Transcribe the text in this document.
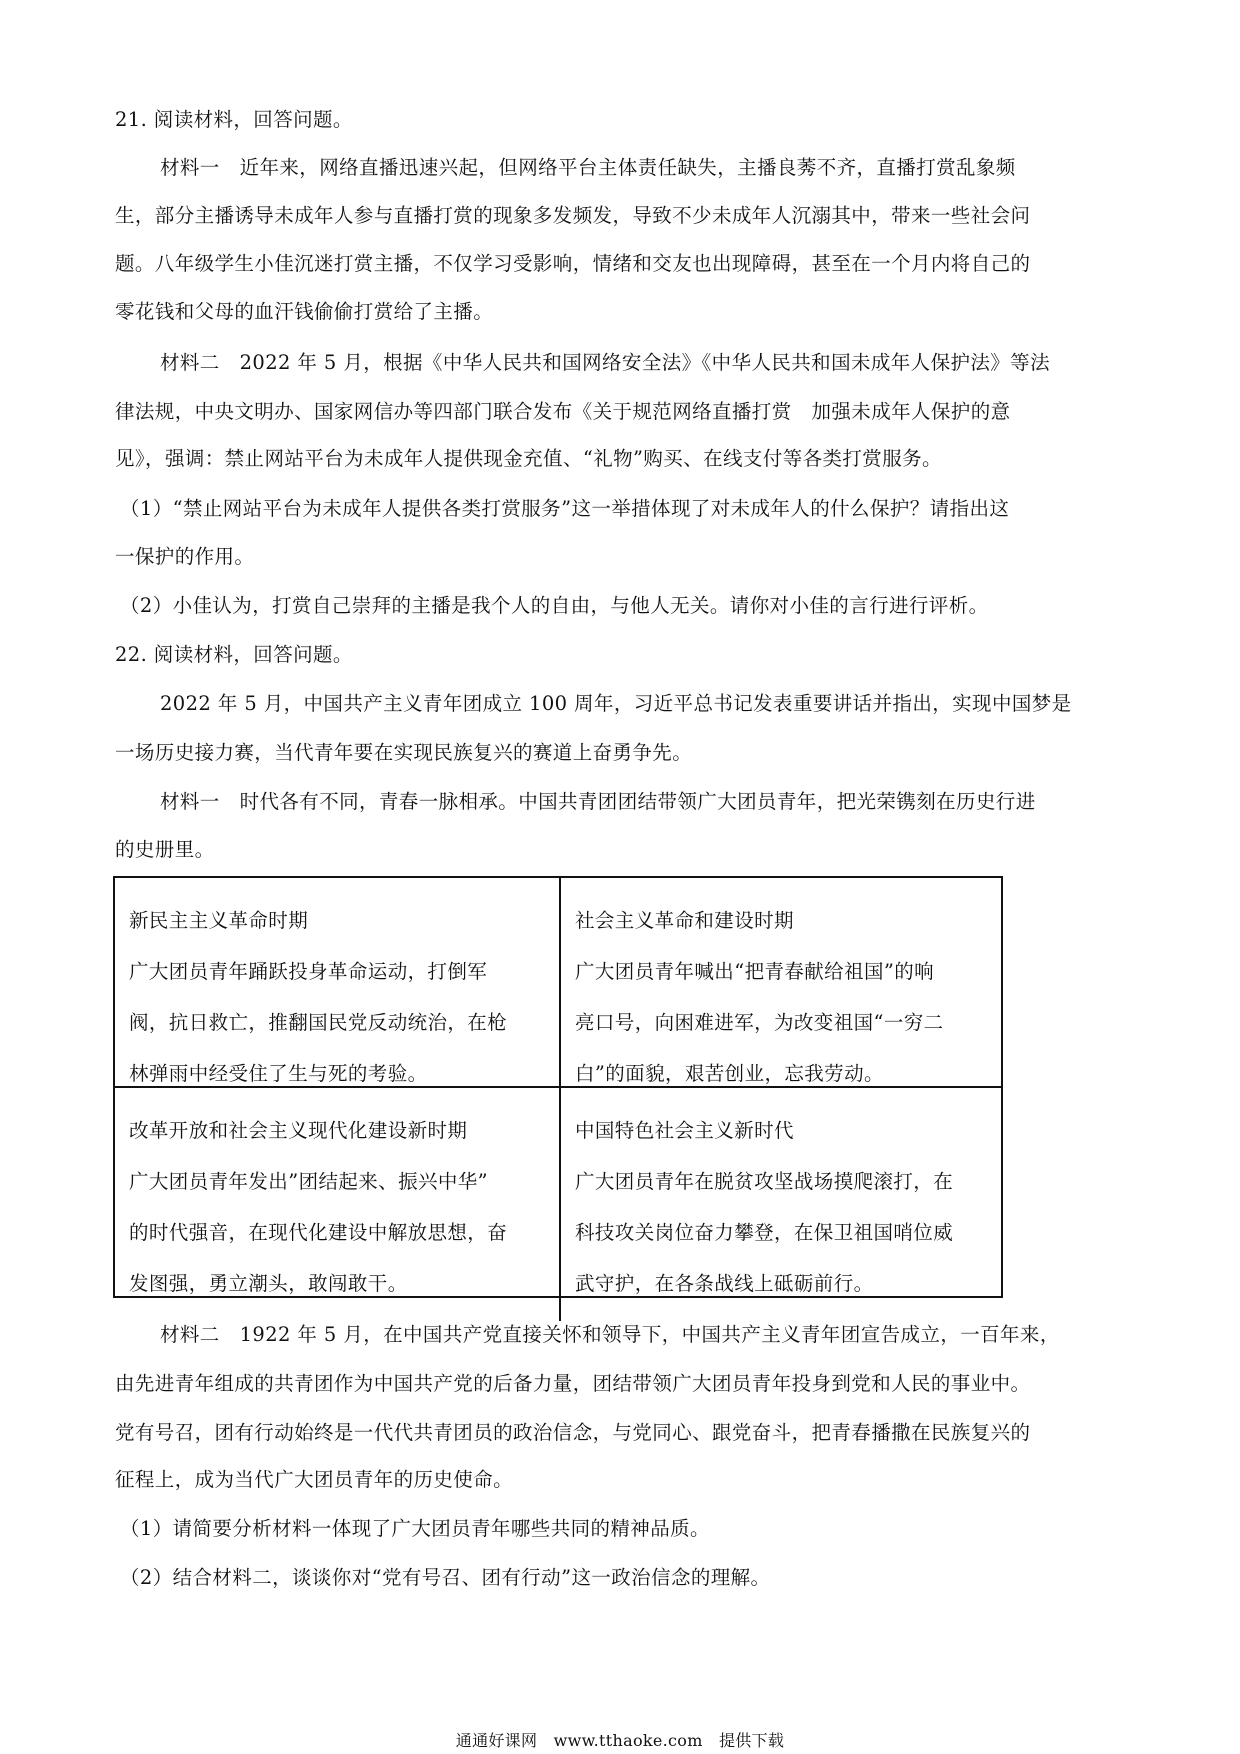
21. 阅读材料，回答问题。
材料一　近年来，网络直播迅速兴起，但网络平台主体责任缺失，主播良莠不齐，直播打赏乱象频
生，部分主播诱导未成年人参与直播打赏的现象多发频发，导致不少未成年人沉溺其中，带来一些社会问
题。八年级学生小佳沉迷打赏主播，不仅学习受影响，情绪和交友也出现障碍，甚至在一个月内将自己的
零花钱和父母的血汗钱偷偷打赏给了主播。
材料二　2022 年 5 月，根据《中华人民共和国网络安全法》《中华人民共和国未成年人保护法》等法
律法规，中央文明办、国家网信办等四部门联合发布《关于规范网络直播打赏　加强未成年人保护的意
见》，强调：禁止网站平台为未成年人提供现金充值、“礼物”购买、在线支付等各类打赏服务。
（1）“禁止网站平台为未成年人提供各类打赏服务”这一举措体现了对未成年人的什么保护？请指出这
一保护的作用。
（2）小佳认为，打赏自己崇拜的主播是我个人的自由，与他人无关。请你对小佳的言行进行评析。
22. 阅读材料，回答问题。
2022 年 5 月，中国共产主义青年团成立 100 周年，习近平总书记发表重要讲话并指出，实现中国梦是
一场历史接力赛，当代青年要在实现民族复兴的赛道上奋勇争先。
材料一　时代各有不同，青春一脉相承。中国共青团团结带领广大团员青年，把光荣镌刻在历史行进
的史册里。
新民主主义革命时期
广大团员青年踊跃投身革命运动，打倒军
阀，抗日救亡，推翻国民党反动统治，在枪
林弹雨中经受住了生与死的考验。
社会主义革命和建设时期
广大团员青年喊出“把青春献给祖国”的响
亮口号，向困难进军，为改变祖国“一穷二
白”的面貌，艰苦创业，忘我劳动。
改革开放和社会主义现代化建设新时期
广大团员青年发出”团结起来、振兴中华”
的时代强音，在现代化建设中解放思想，奋
发图强，勇立潮头，敢闯敢干。
中国特色社会主义新时代
广大团员青年在脱贫攻坚战场摸爬滚打，在
科技攻关岗位奋力攀登，在保卫祖国哨位威
武守护，在各条战线上砥砺前行。
材料二　1922 年 5 月，在中国共产党直接关怀和领导下，中国共产主义青年团宣告成立，一百年来，
由先进青年组成的共青团作为中国共产党的后备力量，团结带领广大团员青年投身到党和人民的事业中。
党有号召，团有行动始终是一代代共青团员的政治信念，与党同心、跟党奋斗，把青春播撒在民族复兴的
征程上，成为当代广大团员青年的历史使命。
（1）请简要分析材料一体现了广大团员青年哪些共同的精神品质。
（2）结合材料二，谈谈你对“党有号召、团有行动”这一政治信念的理解。
通通好课网　www.tthaoke.com　提供下载
